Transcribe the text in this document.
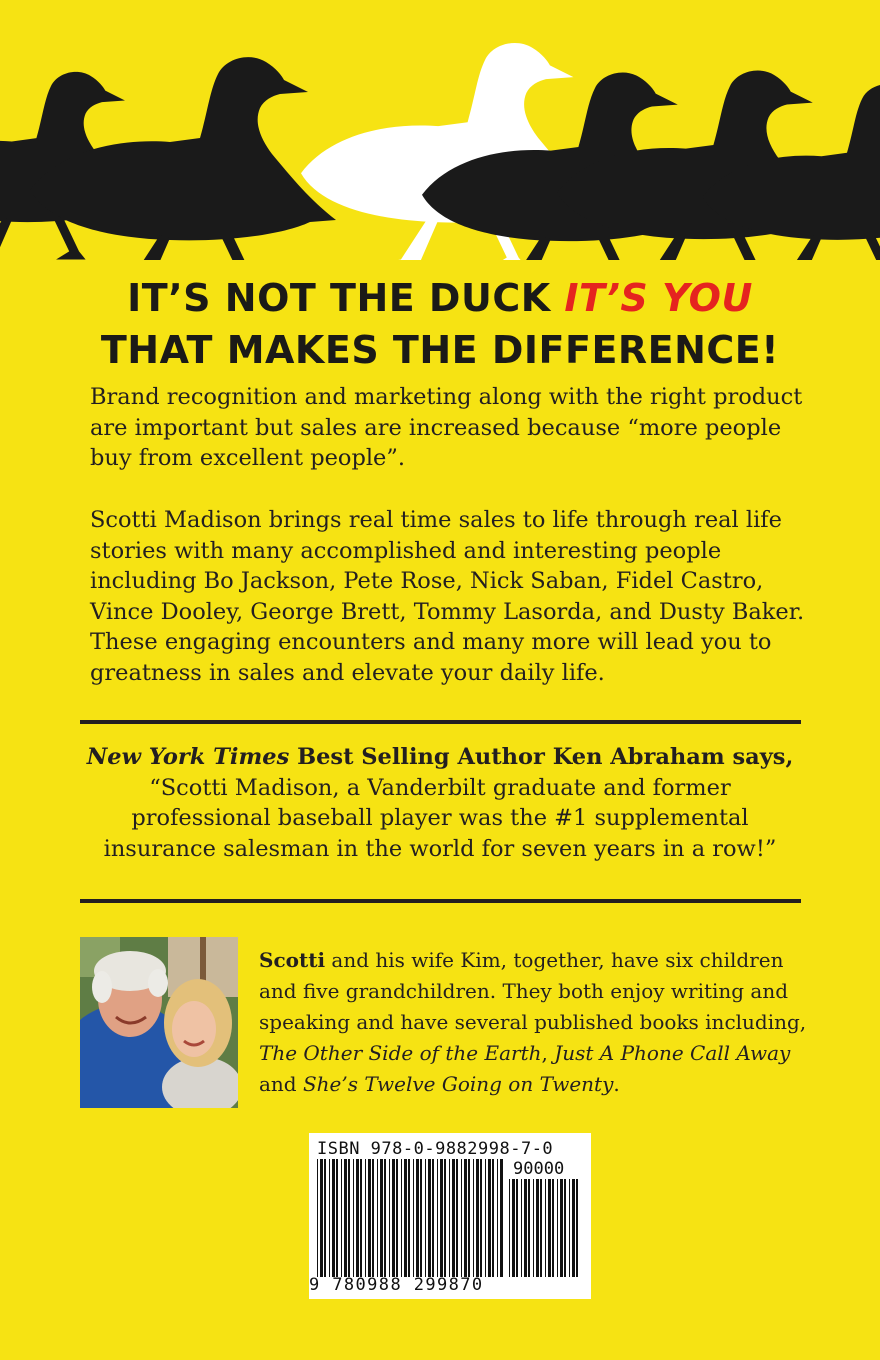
IT’S NOT THE DUCK IT’S YOU
THAT MAKES THE DIFFERENCE!
Brand recognition and marketing along with the right product are important but sales are increased because “more people buy from excellent people”.
Scotti Madison brings real time sales to life through real life stories with many accomplished and interesting people including Bo Jackson, Pete Rose, Nick Saban, Fidel Castro, Vince Dooley, George Brett, Tommy Lasorda, and Dusty Baker. These engaging encounters and many more will lead you to greatness in sales and elevate your daily life.
New York Times Best Selling Author Ken Abraham says,
“Scotti Madison, a Vanderbilt graduate and former professional baseball player was the #1 supplemental insurance salesman in the world for seven years in a row!”
Scotti and his wife Kim, together, have six children and five grandchildren. They both enjoy writing and speaking and have several published books including, The Other Side of the Earth, Just A Phone Call Away and She’s Twelve Going on Twenty.
ISBN 978-0-9882998-7-0
90000
9 780988 299870
